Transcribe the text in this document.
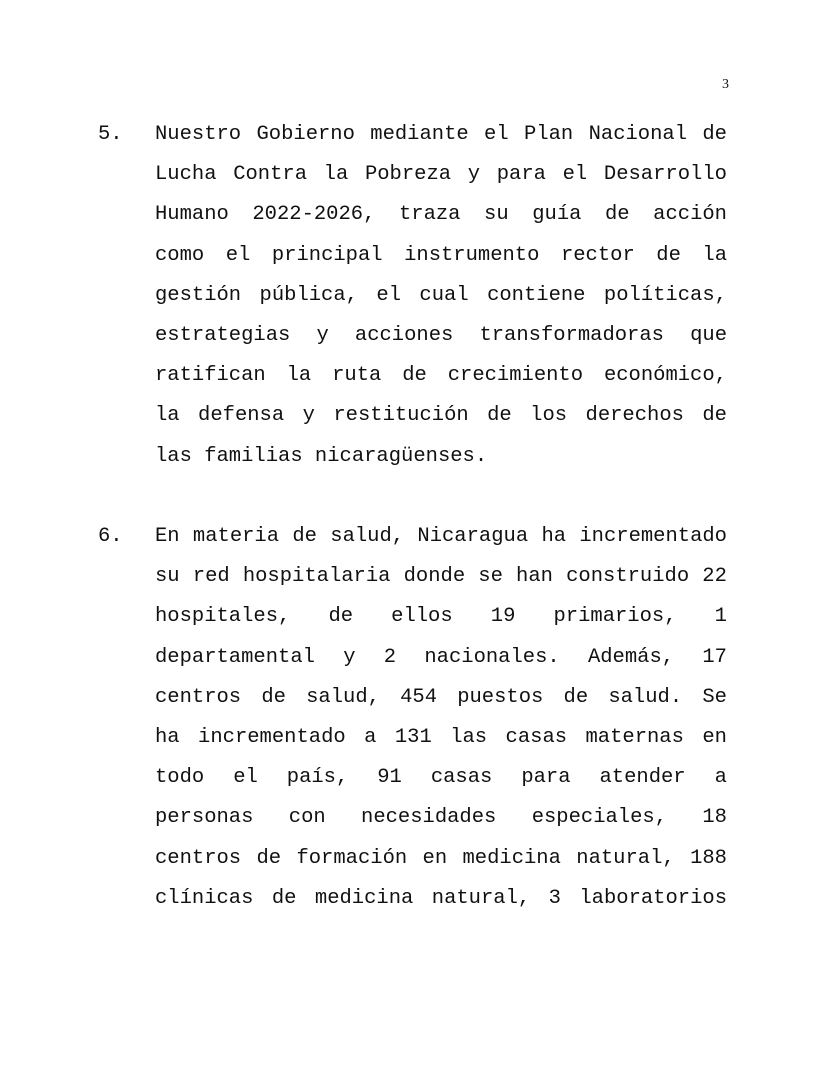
3
5.	Nuestro Gobierno mediante el Plan Nacional de
Lucha Contra la Pobreza y para el Desarrollo
Humano 2022-2026, traza su guía de acción
como el principal instrumento rector de la
gestión pública, el cual contiene políticas,
estrategias y acciones transformadoras que
ratifican la ruta de crecimiento económico,
la defensa y restitución de los derechos de
las familias nicaragüenses.
6.	En materia de salud, Nicaragua ha incrementado
su red hospitalaria donde se han construido 22
hospitales, de ellos 19 primarios, 1
departamental y 2 nacionales. Además, 17
centros de salud, 454 puestos de salud. Se
ha incrementado a 131 las casas maternas en
todo el país, 91 casas para atender a
personas con necesidades especiales, 18
centros de formación en medicina natural, 188
clínicas de medicina natural, 3 laboratorios
